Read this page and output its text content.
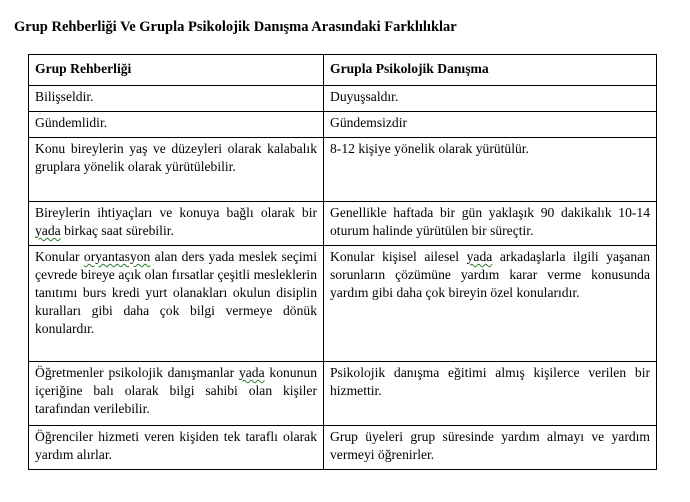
Grup Rehberliği Ve Grupla Psikolojik Danışma Arasındaki Farklılıklar
Grup Rehberliği	Grupla Psikolojik Danışma
Bilişseldir.	Duyuşsaldır.
Gündemlidir.	Gündemsizdir
Konu bireylerin yaş ve düzeyleri olarak kalabalık gruplara yönelik olarak yürütülebilir.	8-12 kişiye yönelik olarak yürütülür.
Bireylerin ihtiyaçları ve konuya bağlı olarak bir yada birkaç saat sürebilir.	Genellikle haftada bir gün yaklaşık 90 dakikalık 10-14 oturum halinde yürütülen bir süreçtir.
Konular oryantasyon alan ders yada meslek seçimi çevrede bireye açık olan fırsatlar çeşitli mesleklerin tanıtımı burs kredi yurt olanakları okulun disiplin kuralları gibi daha çok bilgi vermeye dönük konulardır.	Konular kişisel ailesel yada arkadaşlarla ilgili yaşanan sorunların çözümüne yardım karar verme konusunda yardım gibi daha çok bireyin özel konularıdır.
Öğretmenler psikolojik danışmanlar yada konunun içeriğine balı olarak bilgi sahibi olan kişiler tarafından verilebilir.	Psikolojik danışma eğitimi almış kişilerce verilen bir hizmettir.
Öğrenciler hizmeti veren kişiden tek taraflı olarak yardım alırlar.	Grup üyeleri grup süresinde yardım almayı ve yardım vermeyi öğrenirler.
